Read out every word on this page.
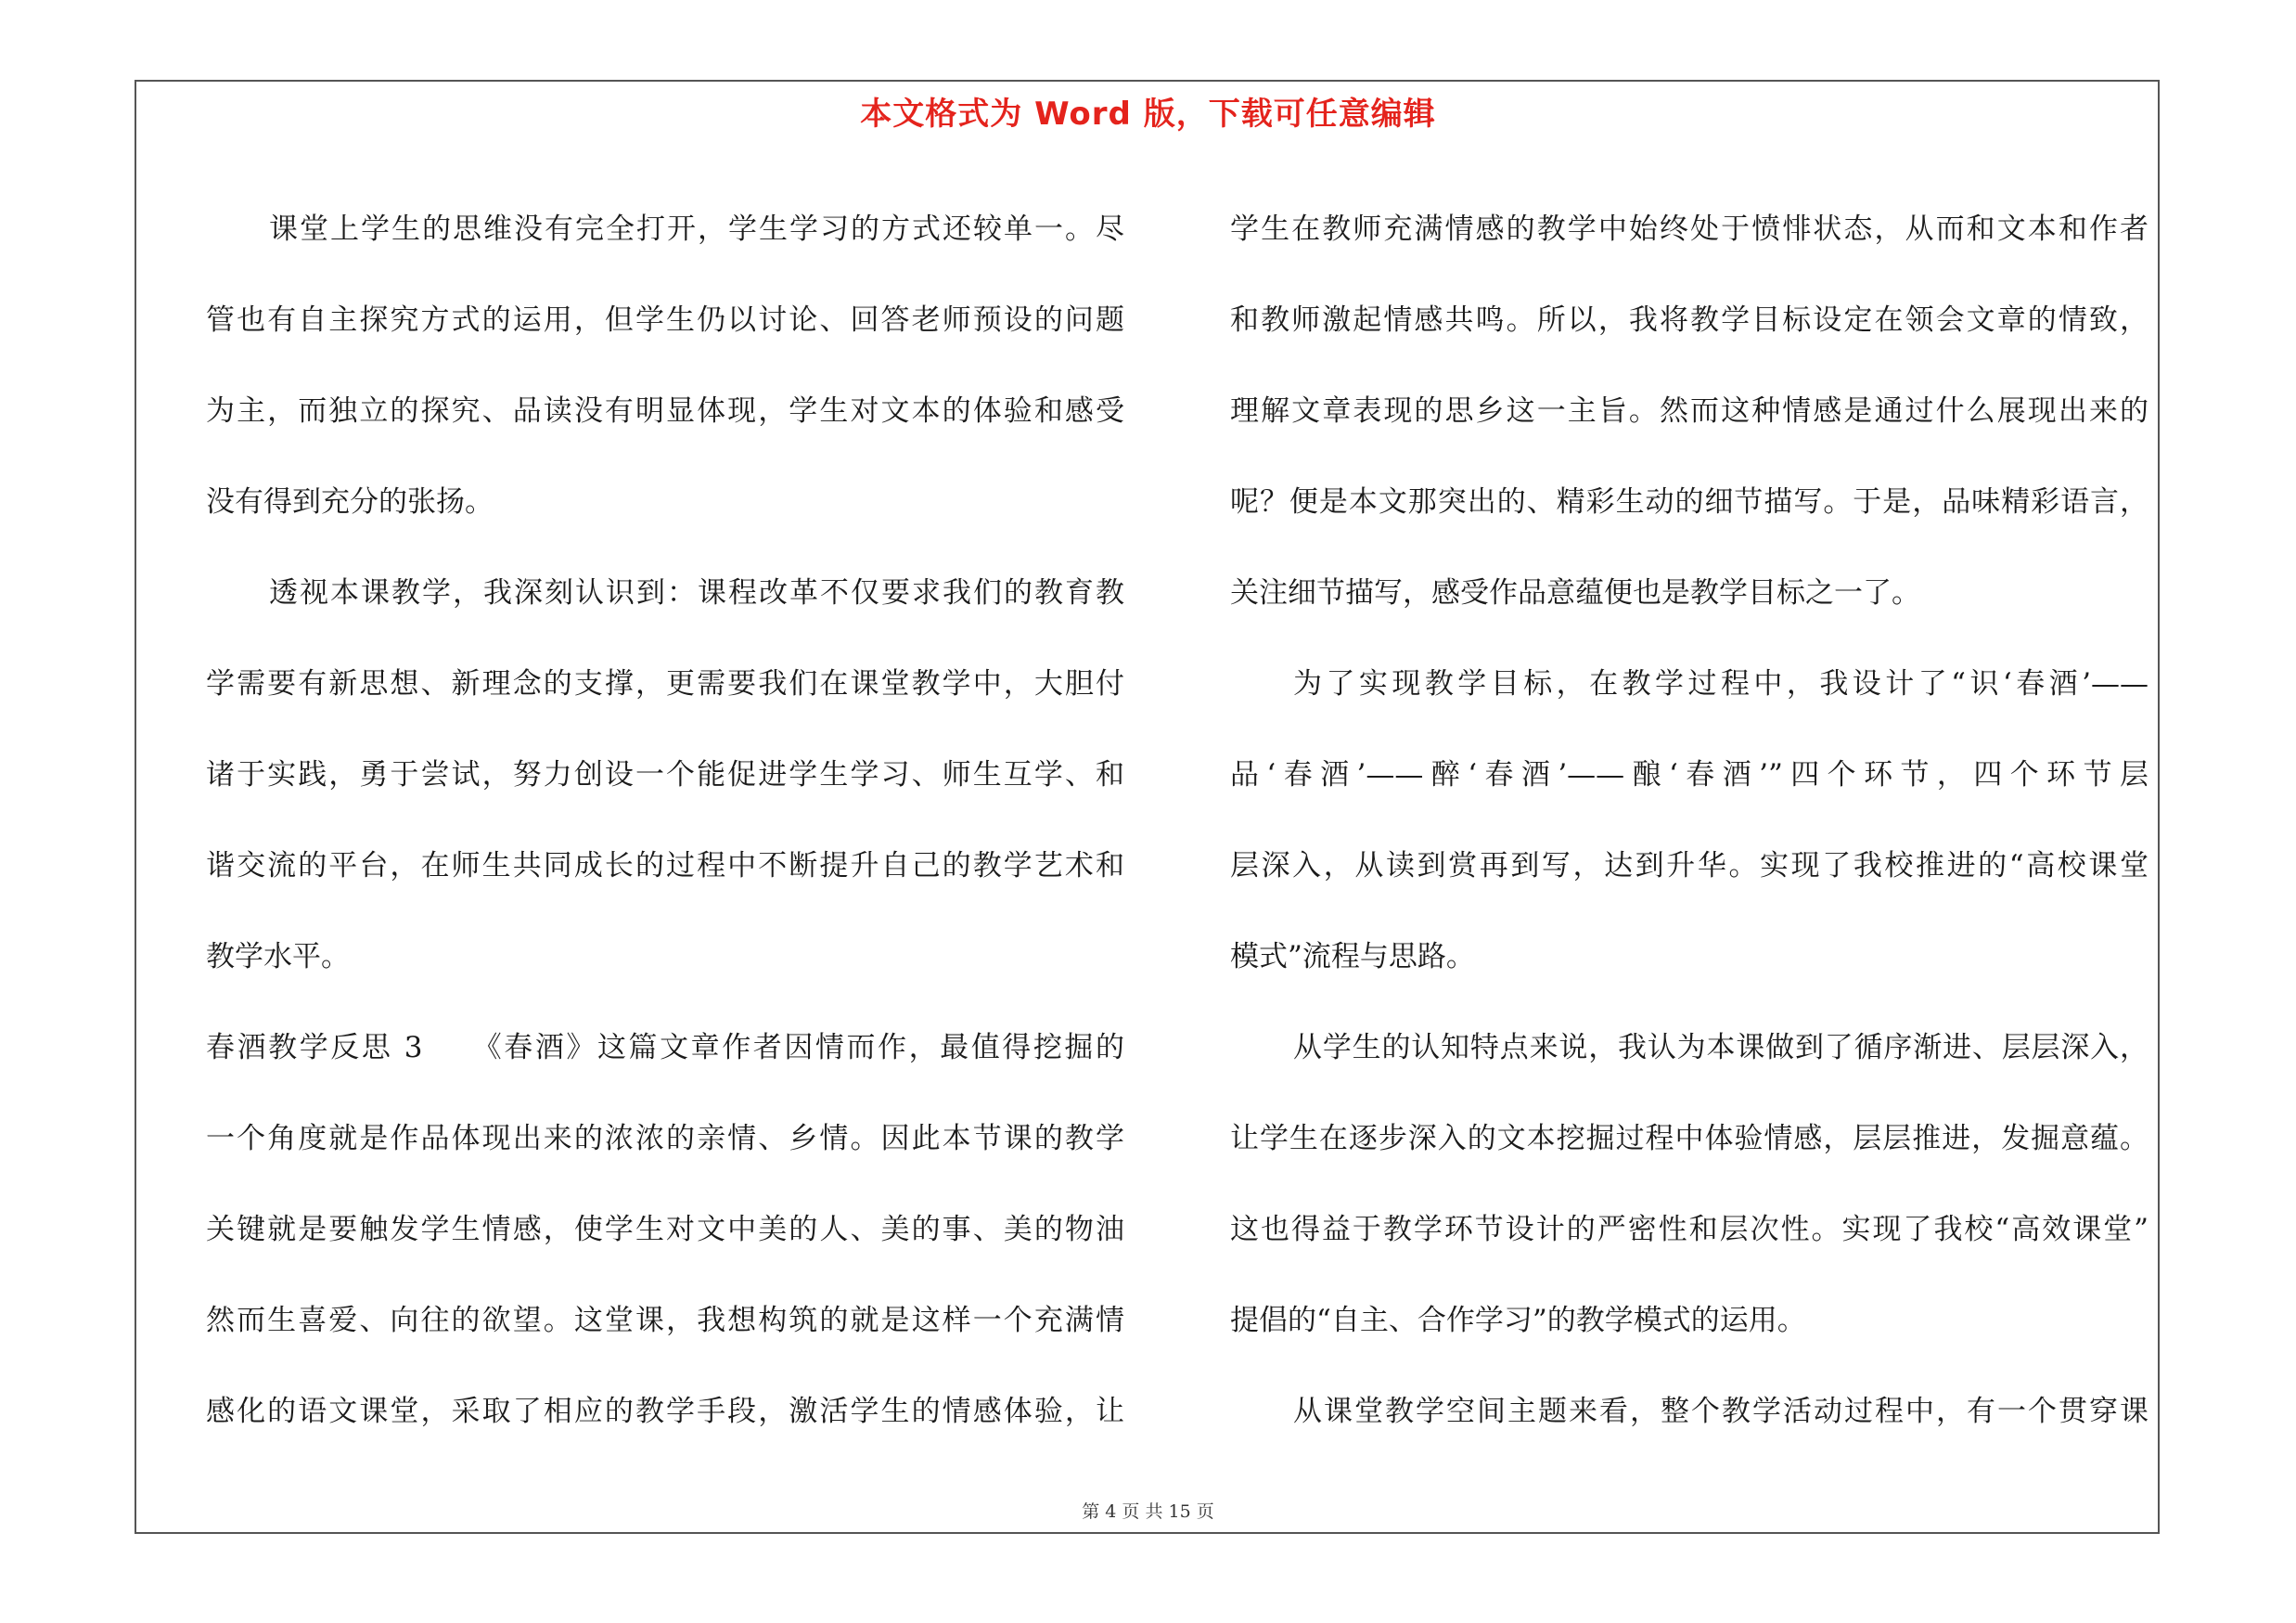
本文格式为 Word 版，下载可任意编辑
课堂上学生的思维没有完全打开，学生学习的方式还较单一。尽
管也有自主探究方式的运用，但学生仍以讨论、回答老师预设的问题
为主，而独立的探究、品读没有明显体现，学生对文本的体验和感受
没有得到充分的张扬。
透视本课教学，我深刻认识到：课程改革不仅要求我们的教育教
学需要有新思想、新理念的支撑，更需要我们在课堂教学中，大胆付
诸于实践，勇于尝试，努力创设一个能促进学生学习、师生互学、和
谐交流的平台，在师生共同成长的过程中不断提升自己的教学艺术和
教学水平。
春酒教学反思 3　　《春酒》这篇文章作者因情而作，最值得挖掘的
一个角度就是作品体现出来的浓浓的亲情、乡情。因此本节课的教学
关键就是要触发学生情感，使学生对文中美的人、美的事、美的物油
然而生喜爱、向往的欲望。这堂课，我想构筑的就是这样一个充满情
感化的语文课堂，采取了相应的教学手段，激活学生的情感体验，让
学生在教师充满情感的教学中始终处于愤悱状态，从而和文本和作者
和教师激起情感共鸣。所以，我将教学目标设定在领会文章的情致，
理解文章表现的思乡这一主旨。然而这种情感是通过什么展现出来的
呢？便是本文那突出的、精彩生动的细节描写。于是，品味精彩语言，
关注细节描写，感受作品意蕴便也是教学目标之一了。
为了实现教学目标，在教学过程中，我设计了“识‘春酒’——
品‘春酒’——醉‘春酒’——酿‘春酒’”四个环节，四个环节层
层深入，从读到赏再到写，达到升华。实现了我校推进的“高校课堂
模式”流程与思路。
从学生的认知特点来说，我认为本课做到了循序渐进、层层深入，
让学生在逐步深入的文本挖掘过程中体验情感，层层推进，发掘意蕴。
这也得益于教学环节设计的严密性和层次性。实现了我校“高效课堂”
提倡的“自主、合作学习”的教学模式的运用。
从课堂教学空间主题来看，整个教学活动过程中，有一个贯穿课
第 4 页 共 15 页
